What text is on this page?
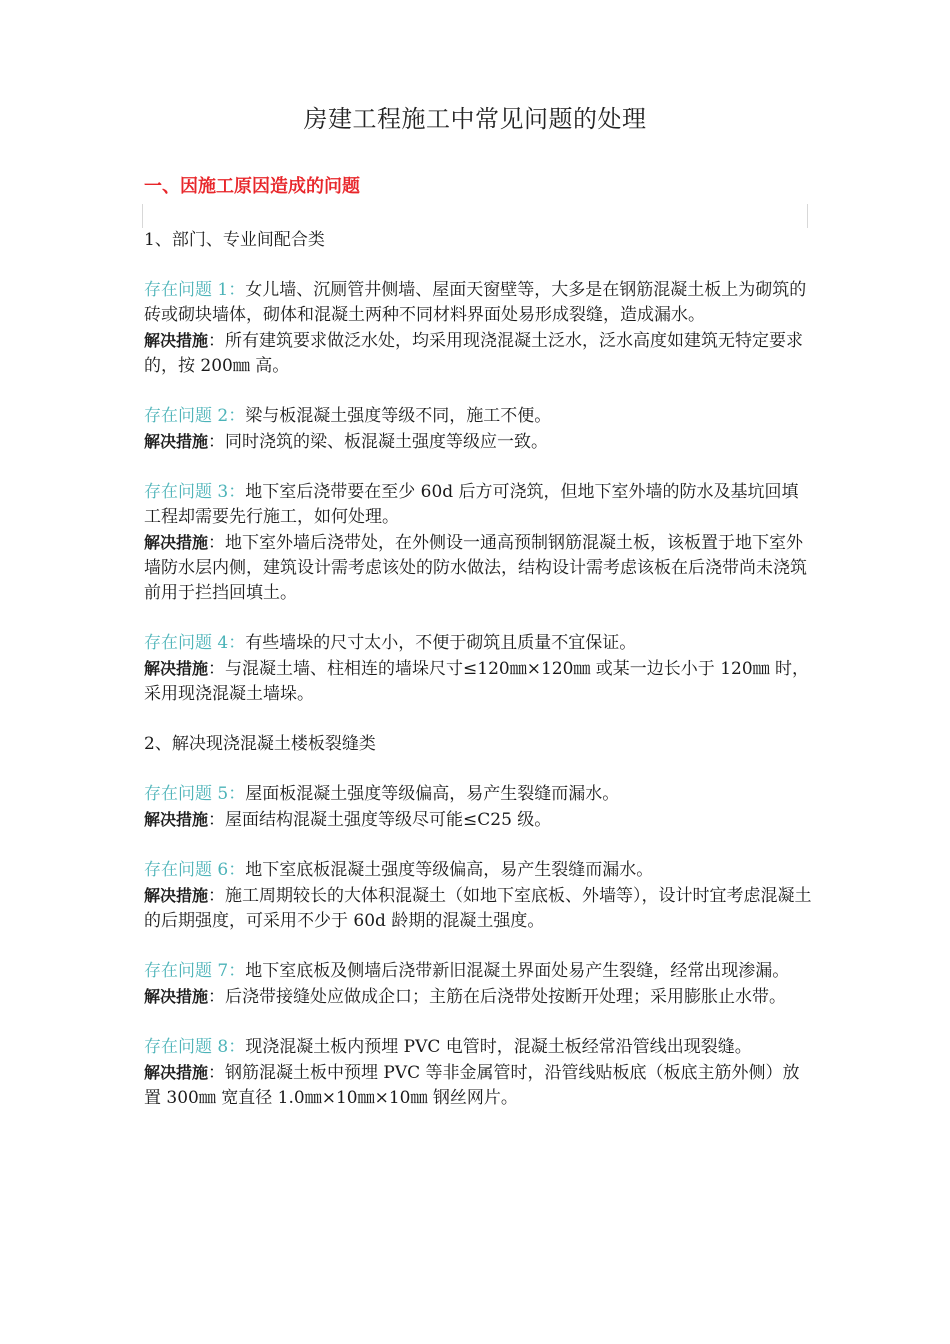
房建工程施工中常见问题的处理
一、因施工原因造成的问题

1、部门、专业间配合类

存在问题 1：女儿墙、沉厕管井侧墙、屋面天窗壁等，大多是在钢筋混凝土板上为砌筑的砖或砌块墙体，砌体和混凝土两种不同材料界面处易形成裂缝，造成漏水。

解决措施：所有建筑要求做泛水处，均采用现浇混凝土泛水，泛水高度如建筑无特定要求的，按 200㎜ 高。

存在问题 2：梁与板混凝土强度等级不同，施工不便。

解决措施：同时浇筑的梁、板混凝土强度等级应一致。

存在问题 3：地下室后浇带要在至少 60d 后方可浇筑，但地下室外墙的防水及基坑回填工程却需要先行施工，如何处理。

解决措施：地下室外墙后浇带处，在外侧设一通高预制钢筋混凝土板，该板置于地下室外墙防水层内侧，建筑设计需考虑该处的防水做法，结构设计需考虑该板在后浇带尚未浇筑前用于拦挡回填土。

存在问题 4：有些墙垛的尺寸太小，不便于砌筑且质量不宜保证。

解决措施：与混凝土墙、柱相连的墙垛尺寸≤120㎜×120㎜ 或某一边长小于 120㎜ 时，采用现浇混凝土墙垛。

2、解决现浇混凝土楼板裂缝类

存在问题 5：屋面板混凝土强度等级偏高，易产生裂缝而漏水。

解决措施：屋面结构混凝土强度等级尽可能≤C25 级。

存在问题 6：地下室底板混凝土强度等级偏高，易产生裂缝而漏水。

解决措施：施工周期较长的大体积混凝土（如地下室底板、外墙等），设计时宜考虑混凝土的后期强度，可采用不少于 60d 龄期的混凝土强度。

存在问题 7：地下室底板及侧墙后浇带新旧混凝土界面处易产生裂缝，经常出现渗漏。

解决措施：后浇带接缝处应做成企口；主筋在后浇带处按断开处理；采用膨胀止水带。

存在问题 8：现浇混凝土板内预埋 PVC 电管时，混凝土板经常沿管线出现裂缝。

解决措施：钢筋混凝土板中预埋 PVC 等非金属管时，沿管线贴板底（板底主筋外侧）放置 300㎜ 宽直径 1.0㎜×10㎜×10㎜ 钢丝网片。
